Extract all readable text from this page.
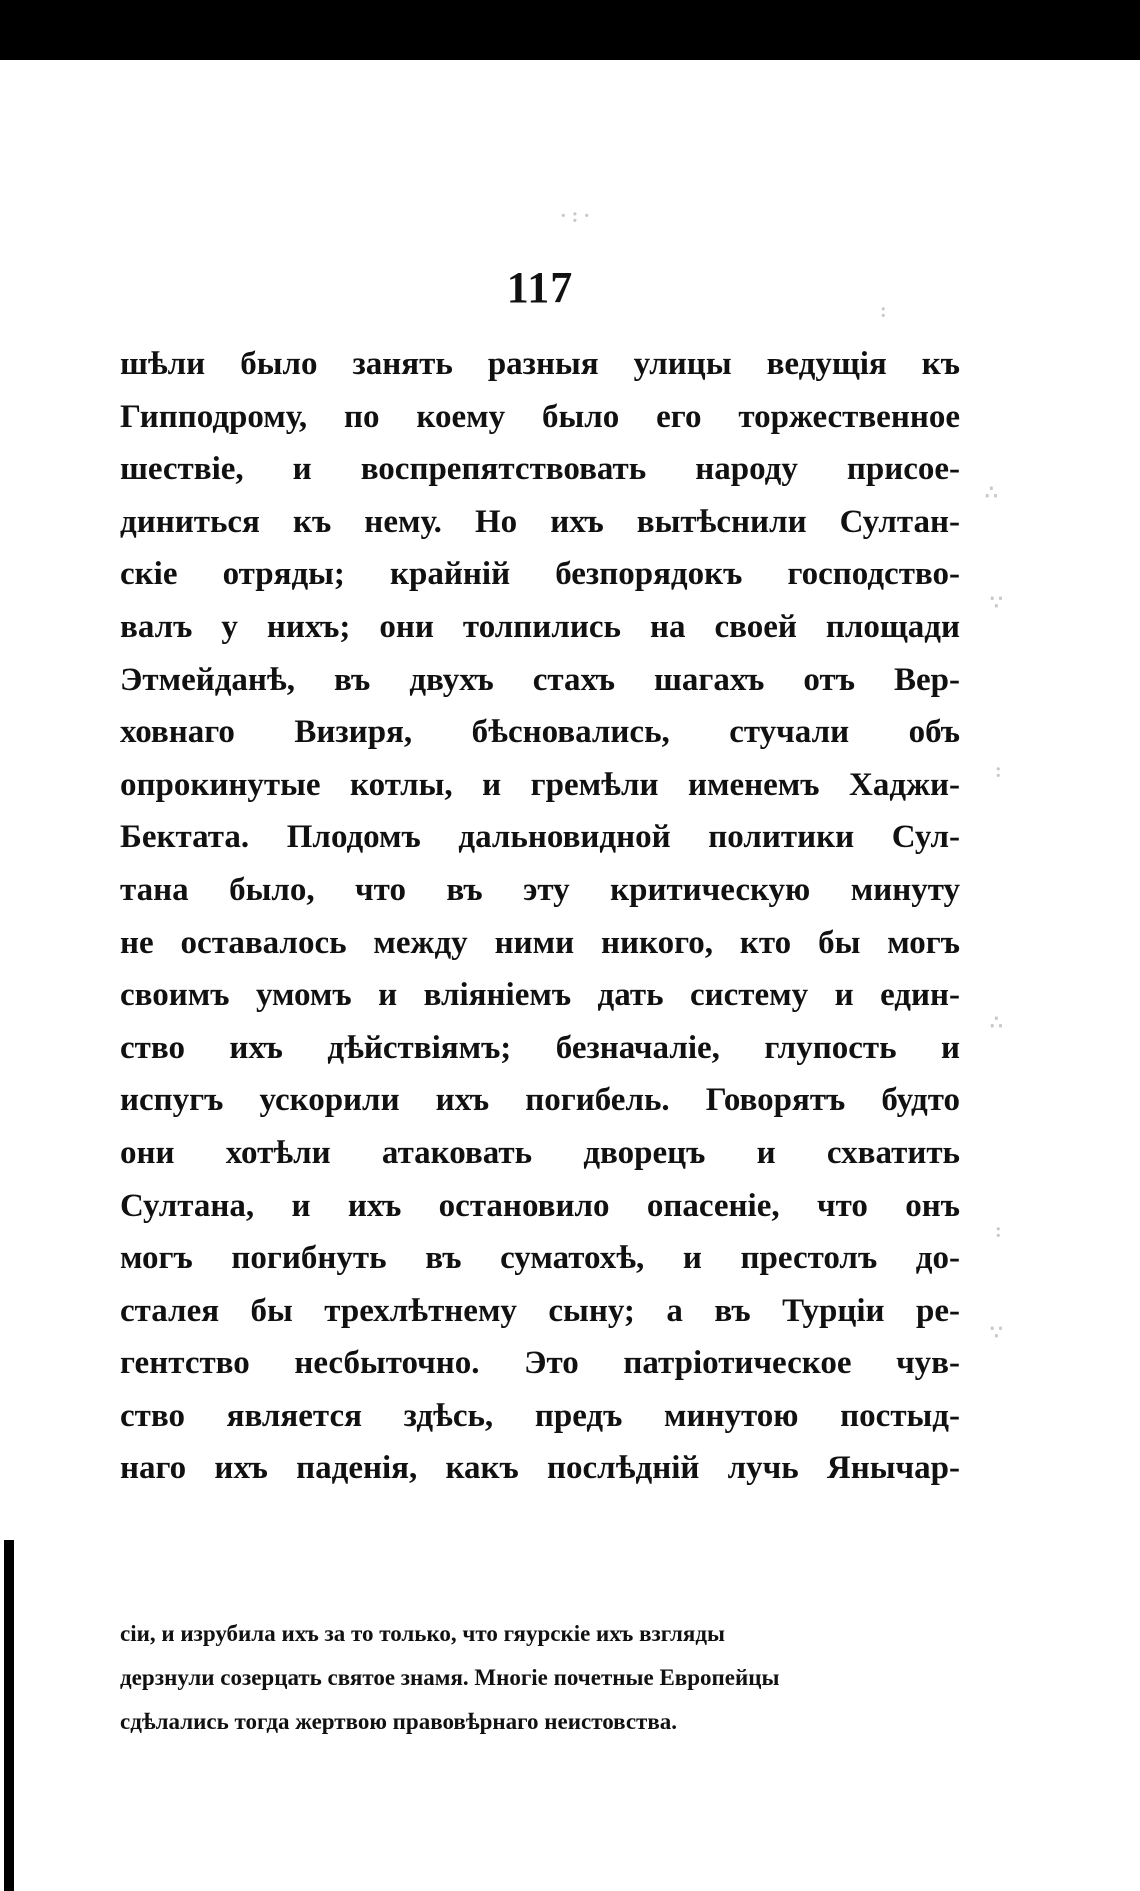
· : ·
:
∴
∵
:
∴
:
∵
117
шѣли было занять разныя улицы ведущія къ
Гипподрому, по коему было его торжественное
шествіе, и воспрепятствовать народу присое-
диниться къ нему. Но ихъ вытѣснили Султан-
скіе отряды; крайній безпорядокъ господство-
валъ у нихъ; они толпились на своей площади
Этмейданѣ, въ двухъ стахъ шагахъ отъ Вер-
ховнаго Визиря, бѣсновались, стучали объ
опрокинутые котлы, и гремѣли именемъ Хаджи-
Бектата. Плодомъ дальновидной политики Сул-
тана было, что въ эту критическую минуту
не оставалось между ними никого, кто бы могъ
своимъ умомъ и вліяніемъ дать систему и един-
ство ихъ дѣйствіямъ; безначаліе, глупость и
испугъ ускорили ихъ погибель. Говорятъ будто
они хотѣли атаковать дворецъ и схватить
Султана, и ихъ остановило опасеніе, что онъ
могъ погибнуть въ суматохѣ, и престолъ до-
сталея бы трехлѣтнему сыну; а въ Турціи ре-
гентство несбыточно. Это патріотическое чув-
ство является здѣсь, предъ минутою постыд-
наго ихъ паденія, какъ послѣдній лучь Янычар-
сіи, и изрубила ихъ за то только, что гяурскіе ихъ взгляды
дерзнули созерцать святое знамя. Многіе почетные Европейцы
сдѣлались тогда жертвою правовѣрнаго неистовства.
